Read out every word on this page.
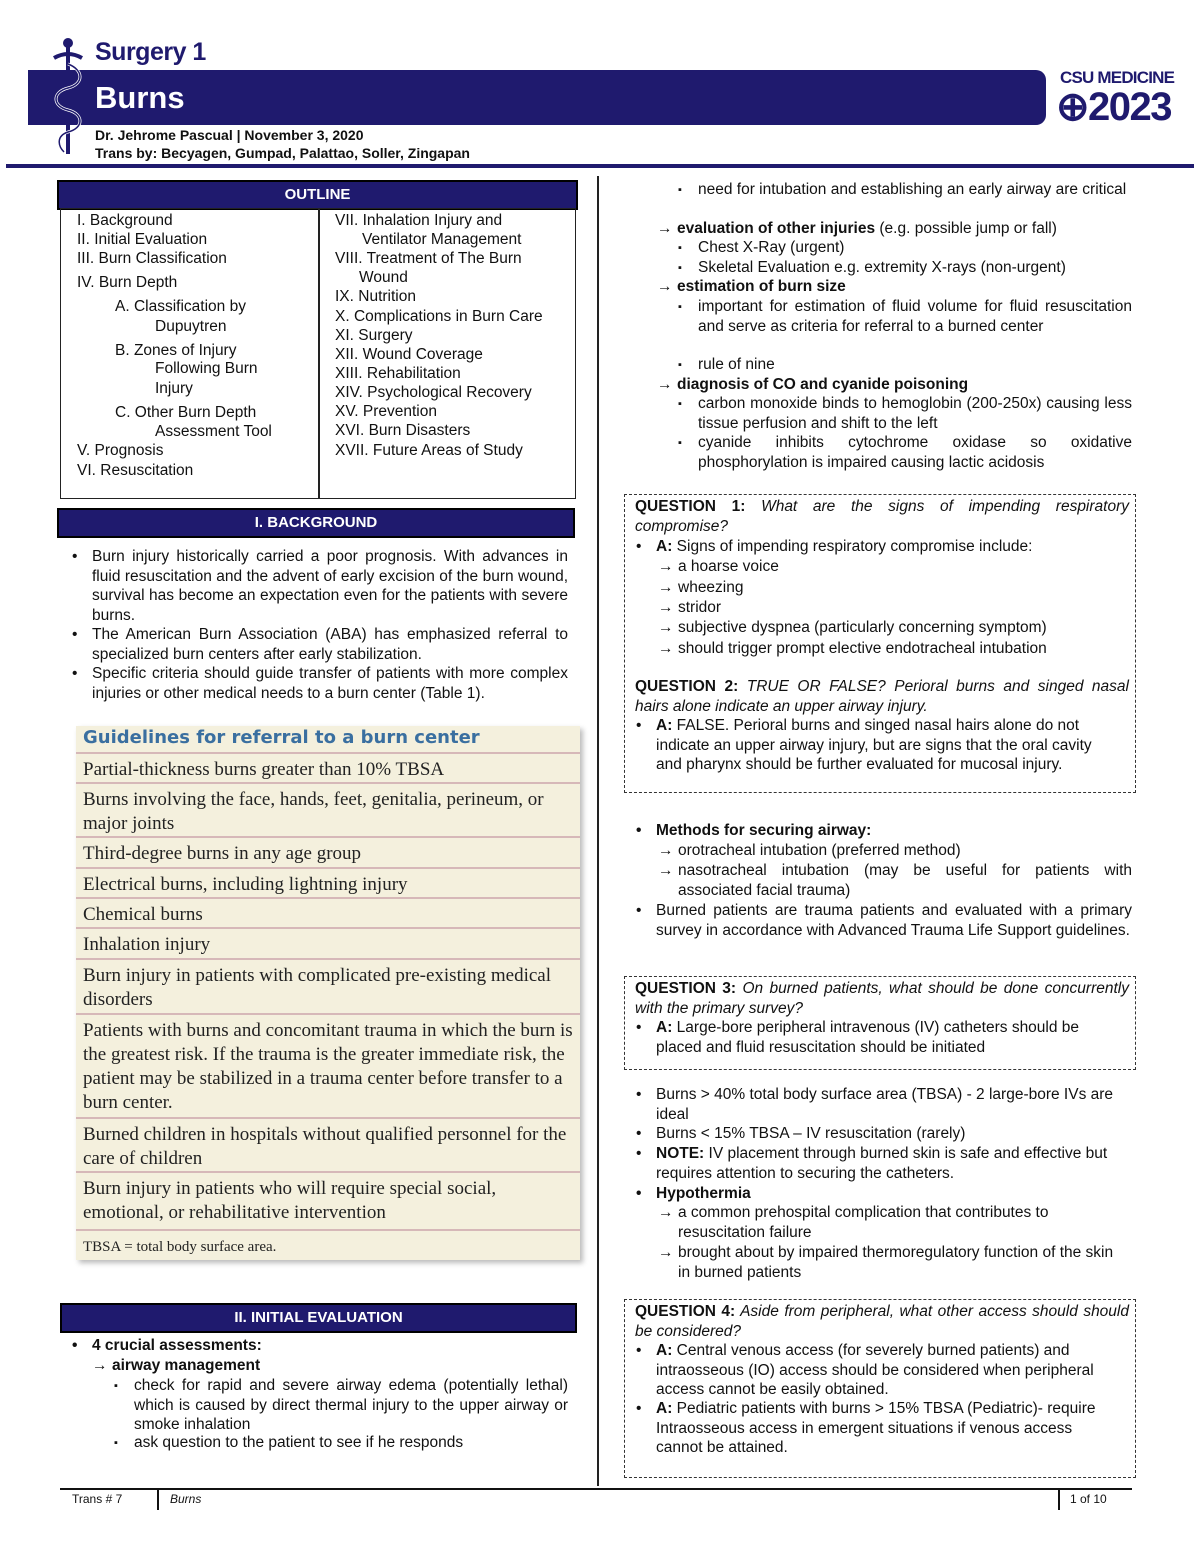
Surgery 1
Burns
CSU MEDICINE
⊕2023
Dr. Jehrome Pascual | November 3, 2020
Trans by: Becyagen, Gumpad, Palattao, Soller, Zingapan
OUTLINE
I. Background
II. Initial Evaluation
III. Burn Classification
IV. Burn Depth
A. Classification by
Dupuytren
B. Zones of Injury
Following Burn
Injury
C. Other Burn Depth
Assessment Tool
V. Prognosis
VI. Resuscitation
VII. Inhalation Injury and
Ventilator Management
VIII. Treatment of The Burn
Wound
IX. Nutrition
X. Complications in Burn Care
XI. Surgery
XII. Wound Coverage
XIII. Rehabilitation
XIV. Psychological Recovery
XV. Prevention
XVI. Burn Disasters
XVII. Future Areas of Study
I. BACKGROUND
• Burn injury historically carried a poor prognosis. With advances in fluid resuscitation and the advent of early excision of the burn wound, survival has become an expectation even for the patients with severe burns.
• The American Burn Association (ABA) has emphasized referral to specialized burn centers after early stabilization.
• Specific criteria should guide transfer of patients with more complex injuries or other medical needs to a burn center (Table 1).
Partial-thickness burns greater than 10% TBSA
Burns involving the face, hands, feet, genitalia, perineum, or major joints
Third-degree burns in any age group
Electrical burns, including lightning injury
Chemical burns
Inhalation injury
Burn injury in patients with complicated pre-existing medical disorders
Patients with burns and concomitant trauma in which the burn is the greatest risk. If the trauma is the greater immediate risk, the patient may be stabilized in a trauma center before transfer to a burn center.
Burned children in hospitals without qualified personnel for the care of children
Burn injury in patients who will require special social, emotional, or rehabilitative intervention
TBSA = total body surface area.
Guidelines for referral to a burn center
II. INITIAL EVALUATION
• 4 crucial assessments:
→ airway management
▪ check for rapid and severe airway edema (potentially lethal) which is caused by direct thermal injury to the upper airway or smoke inhalation
▪ ask question to the patient to see if he responds
▪ need for intubation and establishing an early airway are critical
→ evaluation of other injuries (e.g. possible jump or fall)
▪ Chest X-Ray (urgent)
▪ Skeletal Evaluation e.g. extremity X-rays (non-urgent)
→ estimation of burn size
▪ important for estimation of fluid volume for fluid resuscitation and serve as criteria for referral to a burned center
▪ rule of nine
→ diagnosis of CO and cyanide poisoning
▪ carbon monoxide binds to hemoglobin (200-250x) causing less tissue perfusion and shift to the left
▪ cyanide inhibits cytochrome oxidase so oxidative phosphorylation is impaired causing lactic acidosis
QUESTION 1: What are the signs of impending respiratory compromise?
• A: Signs of impending respiratory compromise include:
→ a hoarse voice
→ wheezing
→ stridor
→ subjective dyspnea (particularly concerning symptom)
→ should trigger prompt elective endotracheal intubation
QUESTION 2: TRUE OR FALSE? Perioral burns and singed nasal hairs alone indicate an upper airway injury.
• A: FALSE. Perioral burns and singed nasal hairs alone do not indicate an upper airway injury, but are signs that the oral cavity and pharynx should be further evaluated for mucosal injury.
• Methods for securing airway:
→ orotracheal intubation (preferred method)
→ nasotracheal intubation (may be useful for patients with associated facial trauma)
• Burned patients are trauma patients and evaluated with a primary survey in accordance with Advanced Trauma Life Support guidelines.
QUESTION 3: On burned patients, what should be done concurrently with the primary survey?
• A: Large-bore peripheral intravenous (IV) catheters should be placed and fluid resuscitation should be initiated
• Burns > 40% total body surface area (TBSA) - 2 large-bore IVs are ideal
• Burns < 15% TBSA – IV resuscitation (rarely)
• NOTE: IV placement through burned skin is safe and effective but requires attention to securing the catheters.
• Hypothermia
→ a common prehospital complication that contributes to resuscitation failure
→ brought about by impaired thermoregulatory function of the skin in burned patients
QUESTION 4: Aside from peripheral, what other access should should be considered?
• A: Central venous access (for severely burned patients) and intraosseous (IO) access should be considered when peripheral access cannot be easily obtained.
• A: Pediatric patients with burns > 15% TBSA (Pediatric)- require Intraosseous access in emergent situations if venous access cannot be attained.
Trans # 7	Burns	1 of 10
